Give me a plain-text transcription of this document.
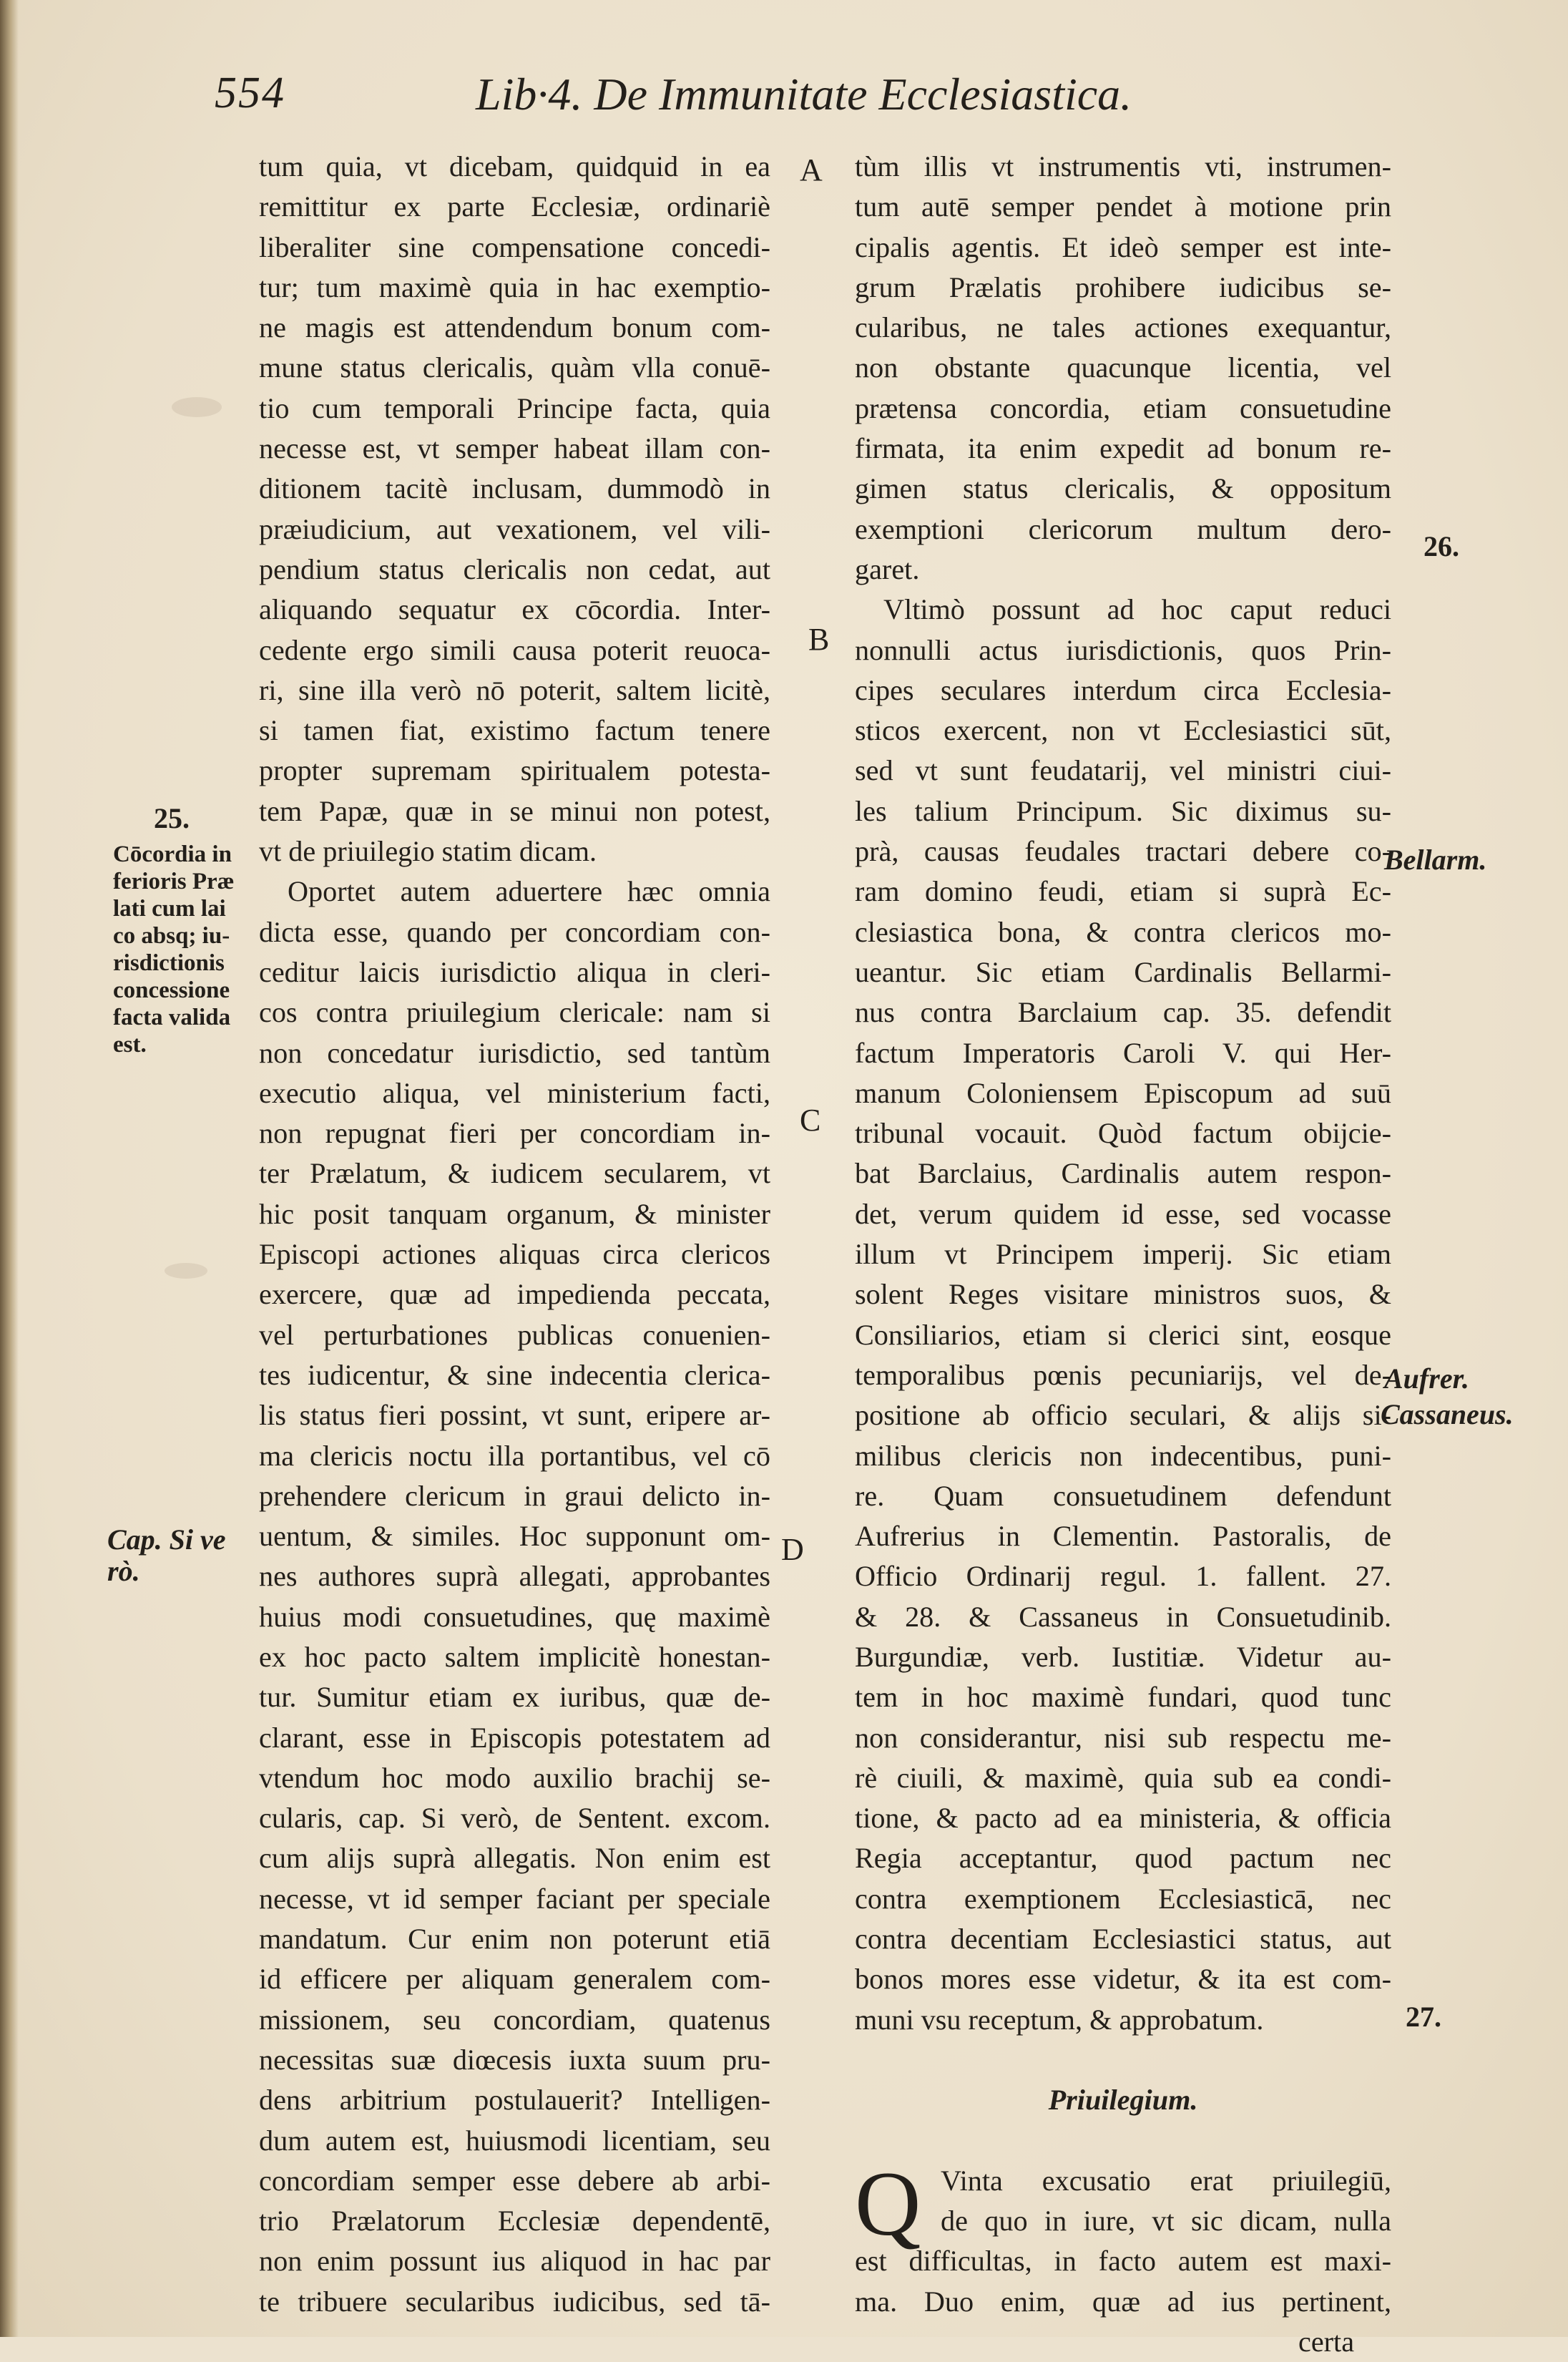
554	Lib·4. De Immunitate Ecclesiastica.
A
B
C
D
25.
Cōcordia in
ferioris Præ
lati cum lai
co absq; iu-
risdictionis
concessione
facta valida
est.
Cap. Si ve
rò.
26.
Bellarm.
Aufrer.
Cassaneus.
27.
tum quia, vt dicebam, quidquid in ea
remittitur ex parte Ecclesiæ, ordinariè
liberaliter sine compensatione concedi-
tur; tum maximè quia in hac exemptio-
ne magis est attendendum bonum com-
mune status clericalis, quàm vlla conuē-
tio cum temporali Principe facta, quia
necesse est, vt semper habeat illam con-
ditionem tacitè inclusam, dummodò in
præiudicium, aut vexationem, vel vili-
pendium status clericalis non cedat, aut
aliquando sequatur ex cōcordia. Inter-
cedente ergo simili causa poterit reuoca-
ri, sine illa verò nō poterit, saltem licitè,
si tamen fiat, existimo factum tenere
propter supremam spiritualem potesta-
tem Papæ, quæ in se minui non potest,
vt de priuilegio statim dicam.
Oportet autem aduertere hæc omnia
dicta esse, quando per concordiam con-
ceditur laicis iurisdictio aliqua in cleri-
cos contra priuilegium clericale: nam si
non concedatur iurisdictio, sed tantùm
executio aliqua, vel ministerium facti,
non repugnat fieri per concordiam in-
ter Prælatum, & iudicem secularem, vt
hic posit tanquam organum, & minister
Episcopi actiones aliquas circa clericos
exercere, quæ ad impedienda peccata,
vel perturbationes publicas conuenien-
tes iudicentur, & sine indecentia clerica-
lis status fieri possint, vt sunt, eripere ar-
ma clericis noctu illa portantibus, vel cō
prehendere clericum in graui delicto in-
uentum, & similes. Hoc supponunt om-
nes authores suprà allegati, approbantes
huius modi consuetudines, quę maximè
ex hoc pacto saltem implicitè honestan-
tur. Sumitur etiam ex iuribus, quæ de-
clarant, esse in Episcopis potestatem ad
vtendum hoc modo auxilio brachij se-
cularis, cap. Si verò, de Sentent. excom.
cum alijs suprà allegatis. Non enim est
necesse, vt id semper faciant per speciale
mandatum. Cur enim non poterunt etiā
id efficere per aliquam generalem com-
missionem, seu concordiam, quatenus
necessitas suæ diœcesis iuxta suum pru-
dens arbitrium postulauerit? Intelligen-
dum autem est, huiusmodi licentiam, seu
concordiam semper esse debere ab arbi-
trio Prælatorum Ecclesiæ dependentē,
non enim possunt ius aliquod in hac par
te tribuere secularibus iudicibus, sed tā-
tùm illis vt instrumentis vti, instrumen-
tum autē semper pendet à motione prin
cipalis agentis. Et ideò semper est inte-
grum Prælatis prohibere iudicibus se-
cularibus, ne tales actiones exequantur,
non obstante quacunque licentia, vel
prætensa concordia, etiam consuetudine
firmata, ita enim expedit ad bonum re-
gimen status clericalis, & oppositum
exemptioni clericorum multum dero-
garet.
Vltimò possunt ad hoc caput reduci
nonnulli actus iurisdictionis, quos Prin-
cipes seculares interdum circa Ecclesia-
sticos exercent, non vt Ecclesiastici sūt,
sed vt sunt feudatarij, vel ministri ciui-
les talium Principum. Sic diximus su-
prà, causas feudales tractari debere co-
ram domino feudi, etiam si suprà Ec-
clesiastica bona, & contra clericos mo-
ueantur. Sic etiam Cardinalis Bellarmi-
nus contra Barclaium cap. 35. defendit
factum Imperatoris Caroli V. qui Her-
manum Coloniensem Episcopum ad suū
tribunal vocauit. Quòd factum obijcie-
bat Barclaius, Cardinalis autem respon-
det, verum quidem id esse, sed vocasse
illum vt Principem imperij. Sic etiam
solent Reges visitare ministros suos, &
Consiliarios, etiam si clerici sint, eosque
temporalibus pœnis pecuniarijs, vel de-
positione ab officio seculari, & alijs si-
milibus clericis non indecentibus, puni-
re. Quam consuetudinem defendunt
Aufrerius in Clementin. Pastoralis, de
Officio Ordinarij regul. 1. fallent. 27.
& 28. & Cassaneus in Consuetudinib.
Burgundiæ, verb. Iustitiæ. Videtur au-
tem in hoc maximè fundari, quod tunc
non considerantur, nisi sub respectu me-
rè ciuili, & maximè, quia sub ea condi-
tione, & pacto ad ea ministeria, & officia
Regia acceptantur, quod pactum nec
contra exemptionem Ecclesiasticā, nec
contra decentiam Ecclesiastici status, aut
bonos mores esse videtur, & ita est com-
muni vsu receptum, & approbatum.
Priuilegium.
Q Vinta excusatio erat priuilegiū,
de quo in iure, vt sic dicam, nulla
est difficultas, in facto autem est maxi-
ma. Duo enim, quæ ad ius pertinent,
certa
